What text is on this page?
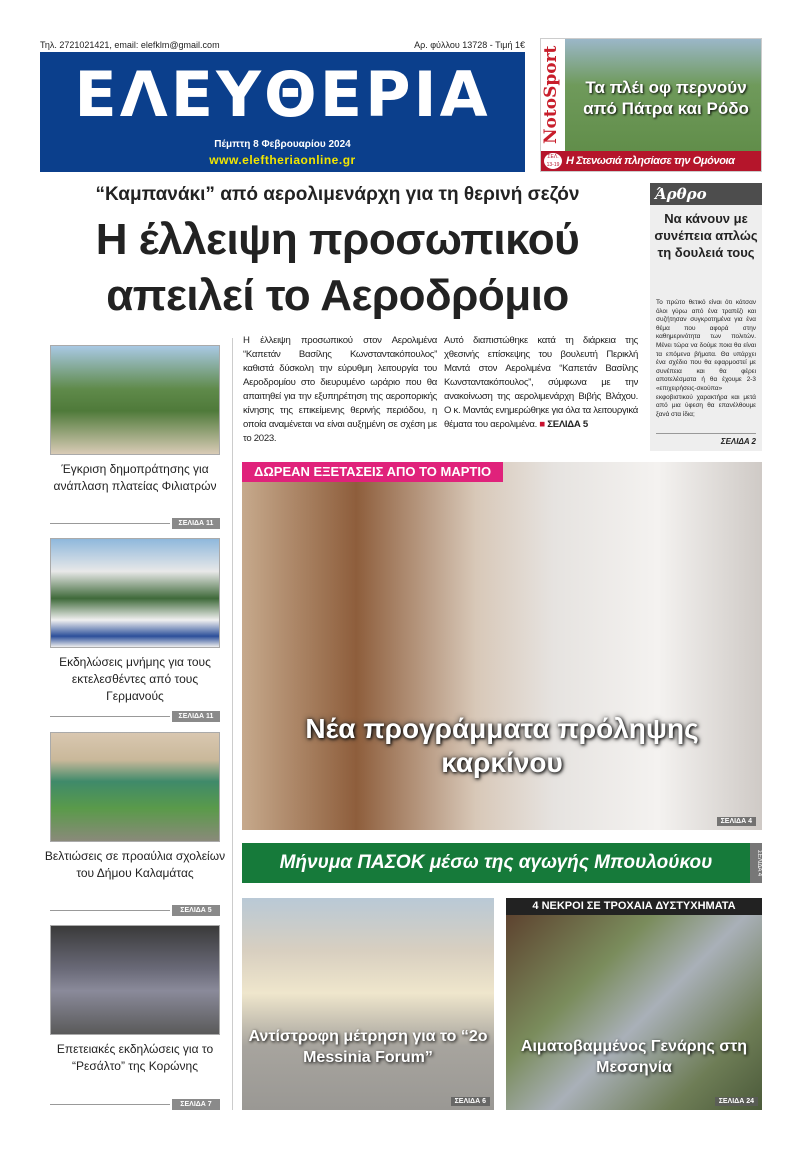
Τηλ. 2721021421, email: elefklm@gmail.com	Αρ. φύλλου 13728 - Τιμή 1€
ΕΛΕΥΘΕΡΙΑ
Πέμπτη 8 Φεβρουαρίου 2024
www.eleftheriaonline.gr
NotoSport	Τα πλέι οφ περνούν από Πάτρα και Ρόδο
Η Στενωσιά πλησίασε την Ομόνοια
ΣΕΛ. 13-19
“Καμπανάκι” από αερολιμενάρχη για τη θερινή σεζόν
Η έλλειψη προσωπικού απειλεί το Αεροδρόμιο
Η έλλειψη προσωπικού στον Αερολιμένα “Καπετάν Βασίλης Κωνσταντακόπουλος” καθιστά δύσκολη την εύρυθμη λειτουργία του Αεροδρομίου στο διευρυμένο ωράριο που θα απαιτηθεί για την εξυπηρέτηση της αεροπορικής κίνησης της επικείμενης θερινής περιόδου, η οποία αναμένεται να είναι αυξημένη σε σχέση με το 2023.
Αυτό διαπιστώθηκε κατά τη διάρκεια της χθεσινής επίσκεψης του βουλευτή Περικλή Μαντά στον Αερολιμένα “Καπετάν Βασίλης Κωνσταντακόπουλος”, σύμφωνα με την ανακοίνωση της αερολιμενάρχη Βιβής Βλάχου. Ο κ. Μαντάς ενημερώθηκε για όλα τα λειτουργικά θέματα του αερολιμένα. ■ ΣΕΛΙΔΑ 5
Άρθρο
Να κάνουν με συνέπεια απλώς τη δουλειά τους
Το πρώτο θετικό είναι ότι κάτσαν όλοι γύρω από ένα τραπέζι και συζήτησαν συγκροτημένα για ένα θέμα που αφορά στην καθημερινότητα των πολιτών. Μένει τώρα να δούμε ποια θα είναι τα επόμενα βήματα. Θα υπάρχει ένα σχέδιο που θα εφαρμοστεί με συνέπεια και θα φέρει αποτελέσματα ή θα έχουμε 2-3 «επιχειρήσεις-σκούπα» εκφοβιστικού χαρακτήρα και μετά από μια ύφεση θα επανέλθουμε ξανά στα ίδια;
ΣΕΛΙΔΑ 2
Έγκριση δημοπράτησης για ανάπλαση πλατείας Φιλιατρών
ΣΕΛΙΔΑ 11
Εκδηλώσεις μνήμης για τους εκτελεσθέντες από τους Γερμανούς
ΣΕΛΙΔΑ 11
Βελτιώσεις σε προαύλια σχολείων του Δήμου Καλαμάτας
ΣΕΛΙΔΑ 5
Επετειακές εκδηλώσεις για το “Ρεσάλτο” της Κορώνης
ΣΕΛΙΔΑ 7
ΔΩΡΕΑΝ ΕΞΕΤΑΣΕΙΣ ΑΠΟ ΤΟ ΜΑΡΤΙΟ
Νέα προγράμματα πρόληψης καρκίνου
ΣΕΛΙΔΑ 4
Μήνυμα ΠΑΣΟΚ μέσω της αγωγής Μπουλούκου	ΣΕΛΙΔΑ 4
Αντίστροφη μέτρηση για το “2ο Messinia Forum”
ΣΕΛΙΔΑ 6
4 ΝΕΚΡΟΙ ΣΕ ΤΡΟΧΑΙΑ ΔΥΣΤΥΧΗΜΑΤΑ
Αιματοβαμμένος Γενάρης στη Μεσσηνία
ΣΕΛΙΔΑ 24
